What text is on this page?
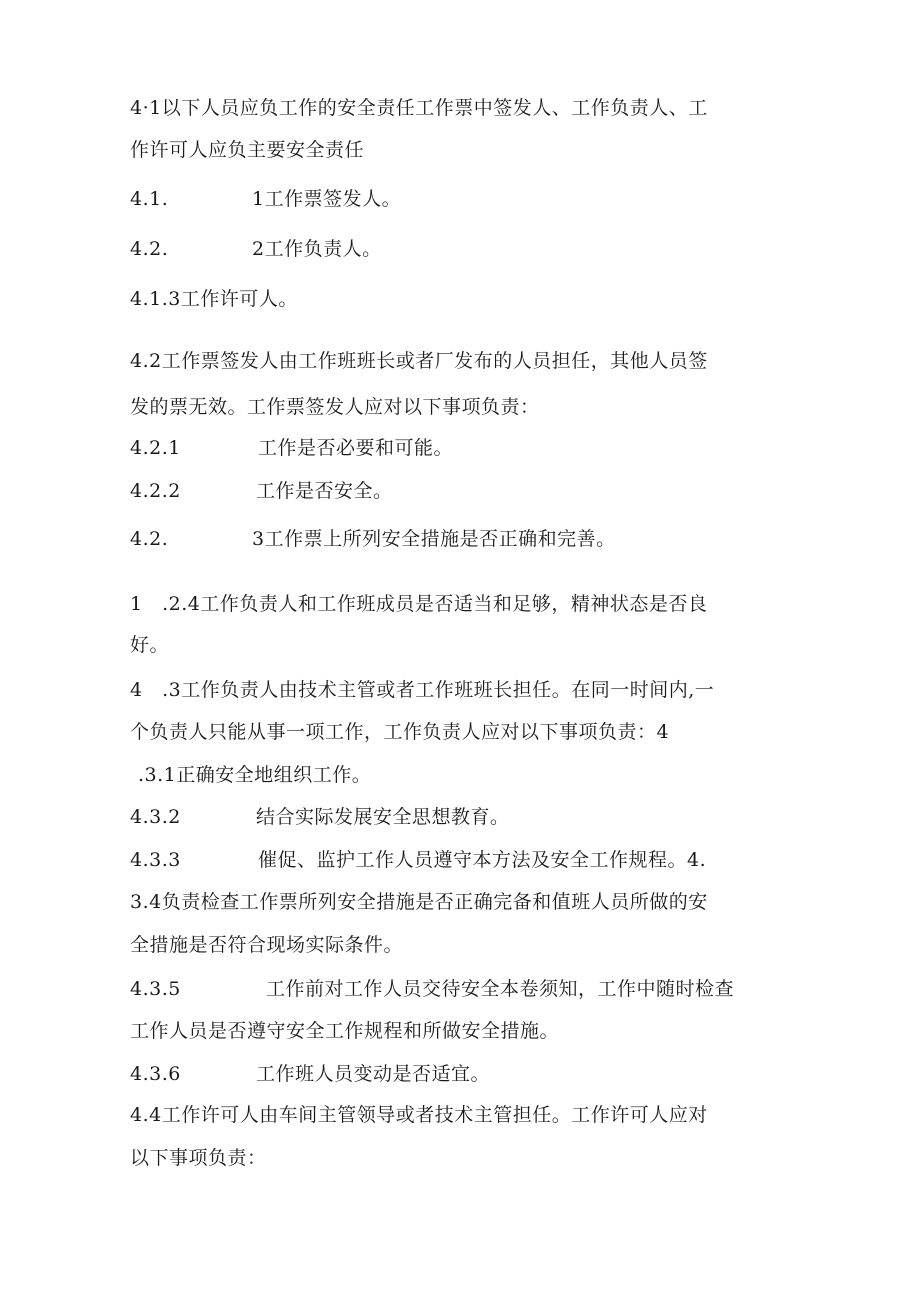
4·1以下人员应负工作的安全责任工作票中签发人、工作负责人、工
作许可人应负主要安全责任
4.1.	1工作票签发人。
4.2.	2工作负责人。
4.1.3工作许可人。
4.2工作票签发人由工作班班长或者厂发布的人员担任，其他人员签
发的票无效。工作票签发人应对以下事项负责：
4.2.1	工作是否必要和可能。
4.2.2	工作是否安全。
4.2.	3工作票上所列安全措施是否正确和完善。
1　.2.4工作负责人和工作班成员是否适当和足够，精神状态是否良
好。
4　.3工作负责人由技术主管或者工作班班长担任。在同一时间内,一
个负责人只能从事一项工作，工作负责人应对以下事项负责：4
.3.1正确安全地组织工作。
4.3.2	结合实际发展安全思想教育。
4.3.3	催促、监护工作人员遵守本方法及安全工作规程。4.
3.4负责检查工作票所列安全措施是否正确完备和值班人员所做的安
全措施是否符合现场实际条件。
4.3.5	工作前对工作人员交待安全本卷须知，工作中随时检查
工作人员是否遵守安全工作规程和所做安全措施。
4.3.6	工作班人员变动是否适宜。
4.4工作许可人由车间主管领导或者技术主管担任。工作许可人应对
以下事项负责：
